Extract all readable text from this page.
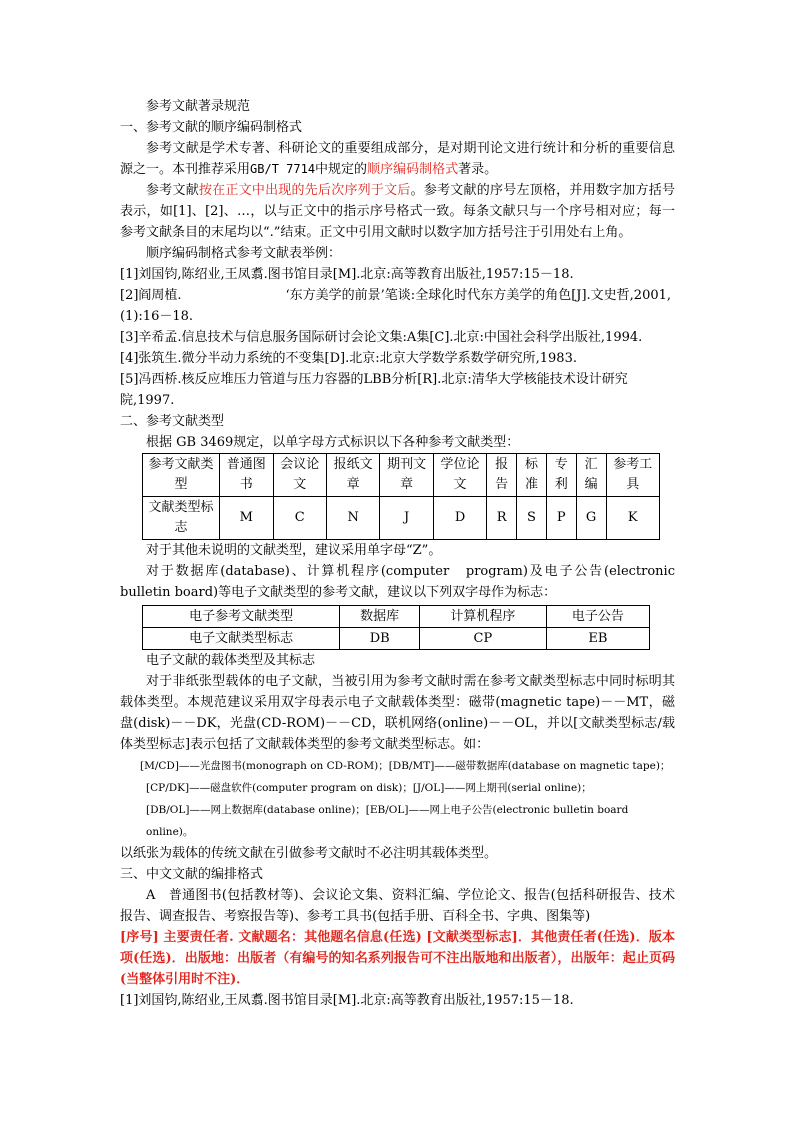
参考文献著录规范

一、参考文献的顺序编码制格式

参考文献是学术专著、科研论文的重要组成部分，是对期刊论文进行统计和分析的重要信息源之一。本刊推荐采用GB/T 7714中规定的顺序编码制格式著录。

参考文献按在正文中出现的先后次序列于文后。参考文献的序号左顶格，并用数字加方括号表示，如[1]、[2]、…，以与正文中的指示序号格式一致。每条文献只与一个序号相对应；每一参考文献条目的末尾均以“.”结束。正文中引用文献时以数字加方括号注于引用处右上角。

顺序编码制格式参考文献表举例：

[1]刘国钧,陈绍业,王凤翥.图书馆目录[M].北京:高等教育出版社,1957:15－18.

[2]阎周植.　　　　　　　　‘东方美学的前景’笔谈:全球化时代东方美学的角色[J].文史哲,2001,(1):16－18.

[3]辛希孟.信息技术与信息服务国际研讨会论文集:A集[C].北京:中国社会科学出版社,1994.

[4]张筑生.微分半动力系统的不变集[D].北京:北京大学数学系数学研究所,1983.

[5]冯西桥.核反应堆压力管道与压力容器的LBB分析[R].北京:清华大学核能技术设计研究院,1997.

二、参考文献类型

根据 GB 3469规定，以单字母方式标识以下各种参考文献类型：

参考文献类型	普通图书	会议论文	报纸文章	期刊文章	学位论文	报告	标准	专利	汇编	参考工具
文献类型标志	M	C	N	J	D	R	S	P	G	K

对于其他未说明的文献类型，建议采用单字母“Z”。

对于数据库(database)、计算机程序(computer　program)及电子公告(electronic　bulletin board)等电子文献类型的参考文献，建议以下列双字母作为标志：

电子参考文献类型	数据库	计算机程序	电子公告
电子文献类型标志	DB	CP	EB

电子文献的载体类型及其标志

对于非纸张型载体的电子文献，当被引用为参考文献时需在参考文献类型标志中同时标明其载体类型。本规范建议采用双字母表示电子文献载体类型：磁带(magnetic tape)－－MT，磁盘(disk)－－DK，光盘(CD-ROM)－－CD，联机网络(online)－－OL，并以[文献类型标志/载体类型标志]表示包括了文献载体类型的参考文献类型标志。如：

[M/CD]——光盘图书(monograph on CD-ROM)；[DB/MT]——磁带数据库(database on magnetic tape)；
[CP/DK]——磁盘软件(computer program on disk)；[J/OL]——网上期刊(serial online)；
[DB/OL]——网上数据库(database online)；[EB/OL]——网上电子公告(electronic bulletin board online)。

以纸张为载体的传统文献在引做参考文献时不必注明其载体类型。

三、中文文献的编排格式

A　普通图书(包括教材等)、会议论文集、资料汇编、学位论文、报告(包括科研报告、技术报告、调查报告、考察报告等)、参考工具书(包括手册、百科全书、字典、图集等)

[序号] 主要责任者. 文献题名：其他题名信息(任选) [文献类型标志]．其他责任者(任选)．版本项(任选)．出版地：出版者（有编号的知名系列报告可不注出版地和出版者），出版年：起止页码(当整体引用时不注)．

[1]刘国钧,陈绍业,王凤翥.图书馆目录[M].北京:高等教育出版社,1957:15－18.
